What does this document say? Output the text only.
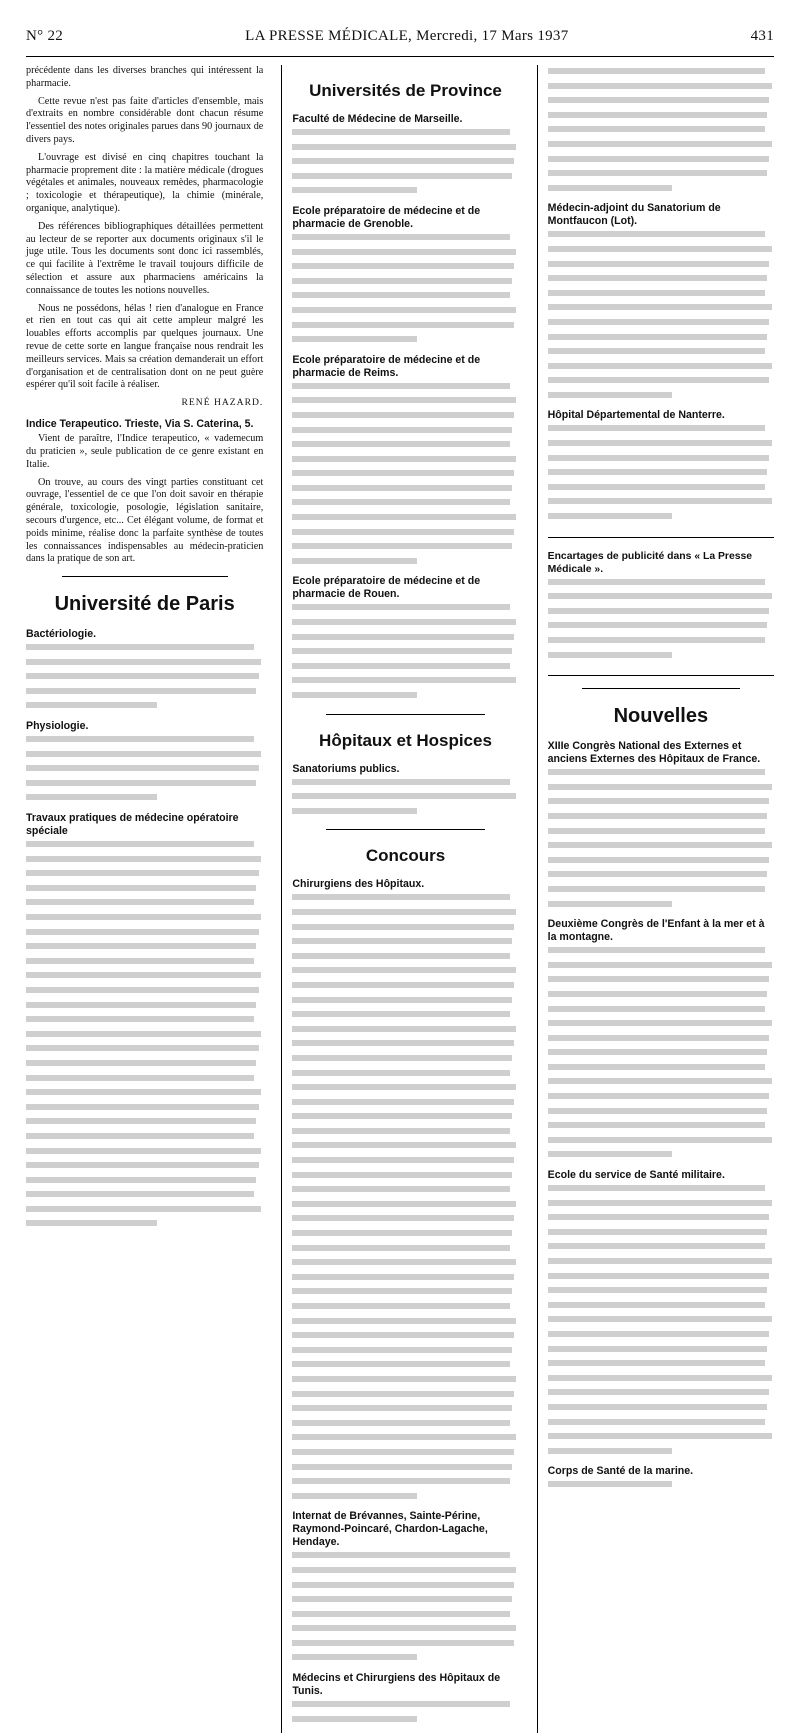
N° 22	LA PRESSE MÉDICALE, Mercredi, 17 Mars 1937	431

précédente dans les diverses branches qui intéressent la pharmacie.

Cette revue n'est pas faite d'articles d'ensemble, mais d'extraits en nombre considérable dont chacun résume l'essentiel des notes originales parues dans 90 journaux de divers pays.

L'ouvrage est divisé en cinq chapitres touchant la pharmacie proprement dite : la matière médicale (drogues végétales et animales, nouveaux remèdes, pharmacologie ; toxicologie et thérapeutique), la chimie (minérale, organique, analytique).

Des références bibliographiques détaillées permettent au lecteur de se reporter aux documents originaux s'il le juge utile. Tous les documents sont donc ici rassemblés, ce qui facilite à l'extrême le travail toujours difficile de sélection et assure aux pharmaciens américains la connaissance de toutes les notions nouvelles.

Nous ne possédons, hélas ! rien d'analogue en France et rien en tout cas qui ait cette ampleur malgré les louables efforts accomplis par quelques journaux. Une revue de cette sorte en langue française nous rendrait les meilleurs services. Mais sa création demanderait un effort d'organisation et de centralisation dont on ne peut guère espérer qu'il soit facile à réaliser.

RENÉ HAZARD.
Indice Terapeutico. Trieste, Via S. Caterina, 5.

Vient de paraître, l'Indice terapeutico, « vademecum du praticien », seule publication de ce genre existant en Italie.

On trouve, au cours des vingt parties constituant cet ouvrage, l'essentiel de ce que l'on doit savoir en thérapie générale, toxicologie, posologie, législation sanitaire, secours d'urgence, etc... Cet élégant volume, de format et poids minime, réalise donc la parfaite synthèse de toutes les connaissances indispensables au médecin-praticien dans la pratique de son art.

Université de Paris
Bactériologie.
Physiologie.
Travaux pratiques de médecine opératoire spéciale
Universités de Province
Faculté de Médecine de Marseille.
Ecole préparatoire de médecine et de pharmacie de Grenoble.
Ecole préparatoire de médecine et de pharmacie de Reims.
Ecole préparatoire de médecine et de pharmacie de Rouen.
Hôpitaux et Hospices
Sanatoriums publics.
Concours
Chirurgiens des Hôpitaux.
Internat de Brévannes, Sainte-Périne, Raymond-Poincaré, Chardon-Lagache, Hendaye.
Médecins et Chirurgiens des Hôpitaux de Tunis.
Médecin-adjoint du Sanatorium de Montfaucon (Lot).
Hôpital Départemental de Nanterre.
Encartages de publicité dans « La Presse Médicale ».
Nouvelles
XIIIe Congrès National des Externes et anciens Externes des Hôpitaux de France.
Deuxième Congrès de l'Enfant à la mer et à la montagne.
Ecole du service de Santé militaire.
Corps de Santé de la marine.
